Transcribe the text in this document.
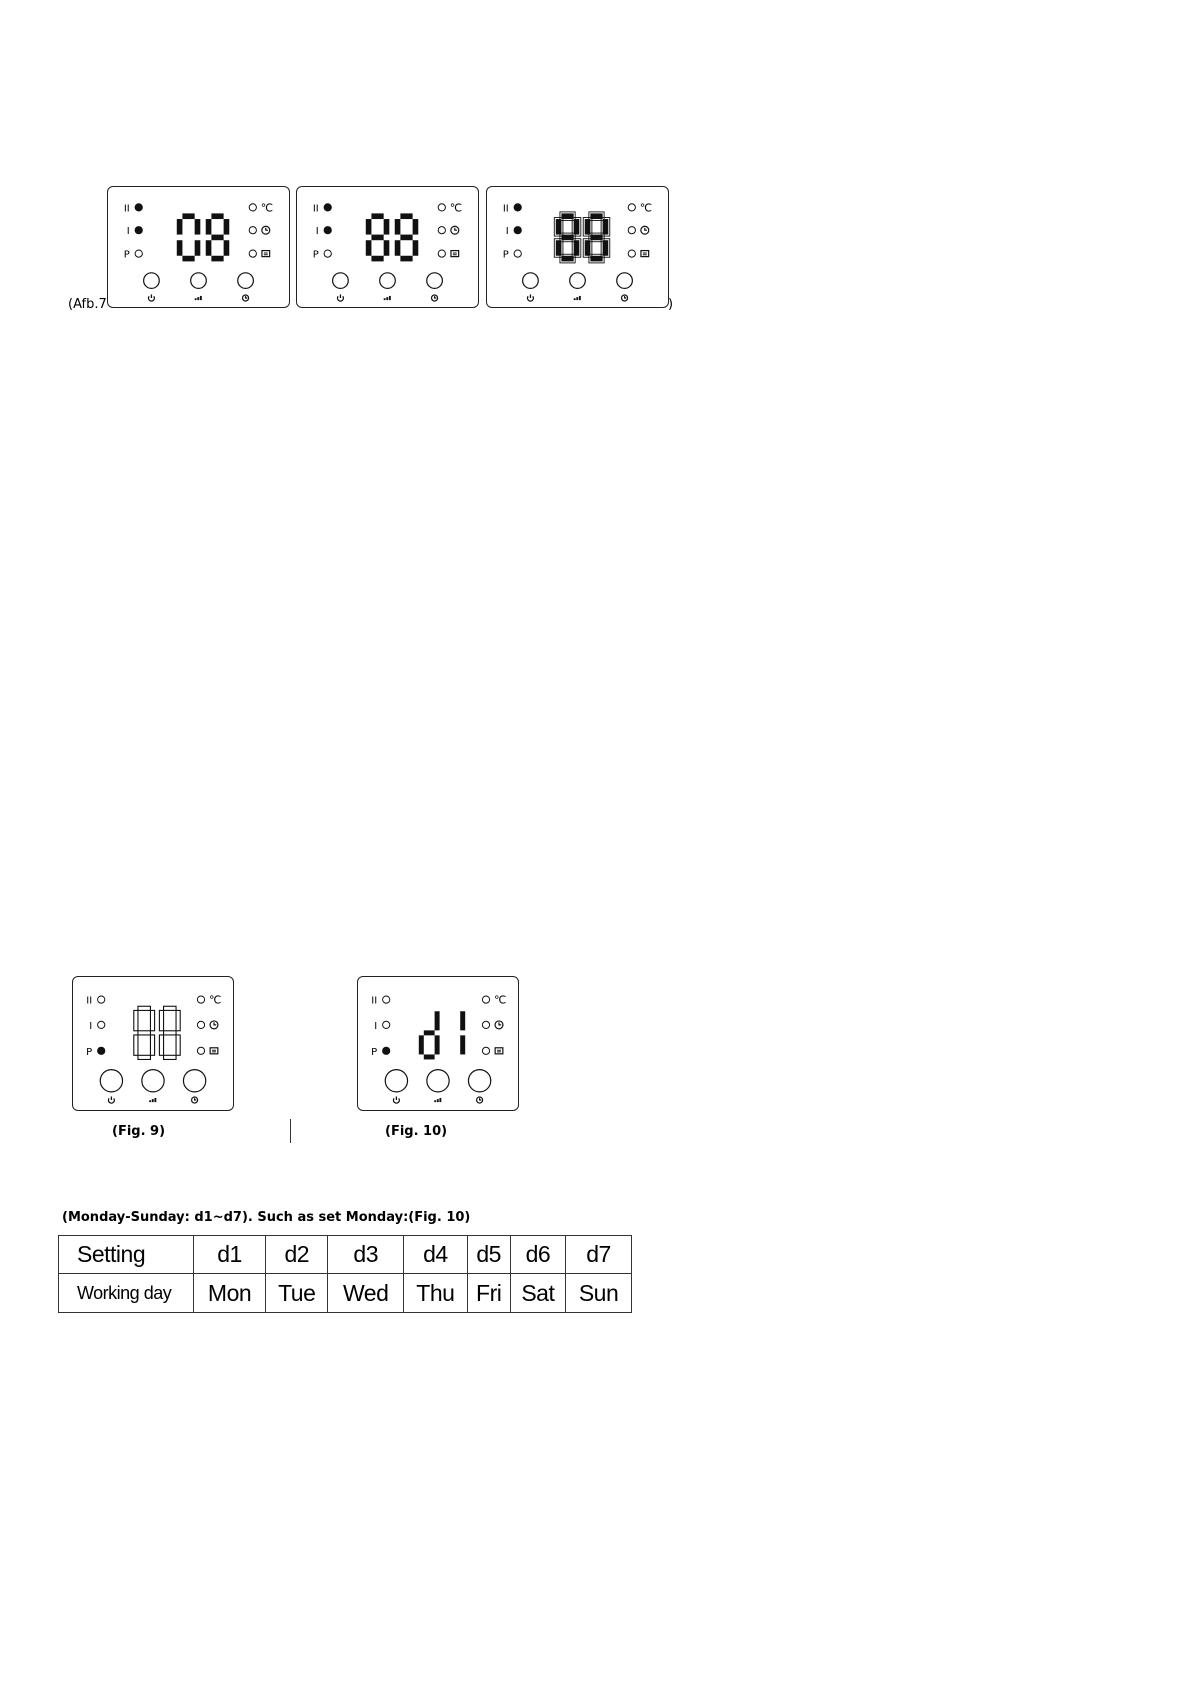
(Afb.7
II
I
P
℃	II
I
P
℃	II
I
P
℃
)
II
I
P
℃	II
I
P
℃
(Fig. 9)	(Fig. 10)
(Monday-Sunday: d1~d7). Such as set Monday:(Fig. 10)
Setting	d1	d2	d3	d4	d5	d6	d7
Working day	Mon	Tue	Wed	Thu	Fri	Sat	Sun
